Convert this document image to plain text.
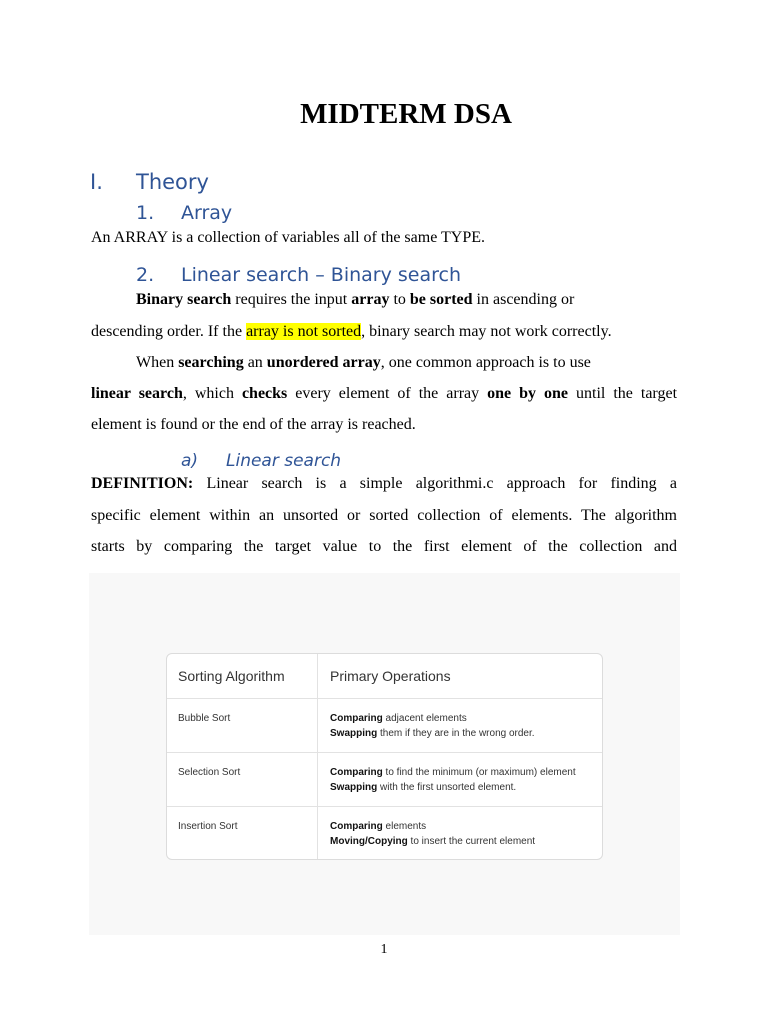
MIDTERM DSA
I. Theory
1. Array
An ARRAY is a collection of variables all of the same TYPE.
2. Linear search – Binary search
Binary search requires the input array to be sorted in ascending or
descending order. If the array is not sorted, binary search may not work correctly.
When searching an unordered array, one common approach is to use
linear search, which checks every element of the array one by one until the target
element is found or the end of the array is reached.
a) Linear search
DEFINITION: Linear search is a simple algorithmi.c approach for finding a
specific element within an unsorted or sorted collection of elements. The algorithm
starts by comparing the target value to the first element of the collection and
Sorting Algorithm	Primary Operations
Bubble Sort	Comparing adjacent elements
Swapping them if they are in the wrong order.
Selection Sort	Comparing to find the minimum (or maximum) element
Swapping with the first unsorted element.
Insertion Sort	Comparing elements
Moving/Copying to insert the current element
1
